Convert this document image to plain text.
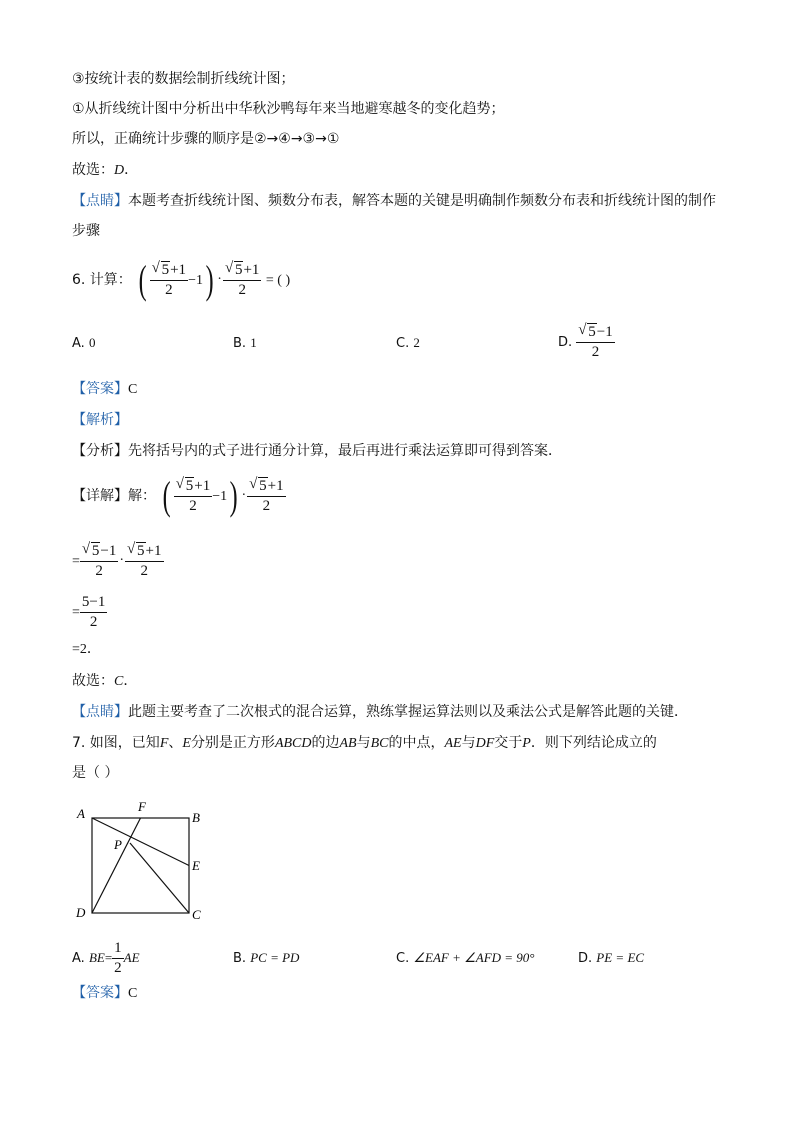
③按统计表的数据绘制折线统计图；
①从折线统计图中分析出中华秋沙鸭每年来当地避寒越冬的变化趋势；
所以，正确统计步骤的顺序是②→④→③→①
故选：D．
【点睛】本题考查折线统计图、频数分布表，解答本题的关键是明确制作频数分布表和折线统计图的制作
步骤
6. 计算： ( $\frac{√ 5+1}{2} -1) \cdot \frac{√ 5+1}{2}$ = ( )
A. 0	B. 1	C. 2	D. $\frac{√ 5-1}{2}$
【答案】C
【解析】
【分析】先将括号内的式子进行通分计算，最后再进行乘法运算即可得到答案．
【详解】解： ( $\frac{√ 5+1}{2} -1) \cdot \frac{√ 5+1}{2}$
= $\frac{√ 5-1}{2} \cdot \frac{√ 5+1}{2}$
= $\frac{5-1}{2}$
=2．
故选：C．
【点睛】此题主要考查了二次根式的混合运算，熟练掌握运算法则以及乘法公式是解答此题的关键．
7. 如图，已知F、E分别是正方形ABCD的边AB与BC的中点，AE与DF交于P．则下列结论成立的
是（ ）
A	F
B
P
E
D	C
A. $BE= \frac{1}{2}$ AE	B. PC = PD	C. ∠EAF + ∠AFD = 90°	D. PE = EC
【答案】C
